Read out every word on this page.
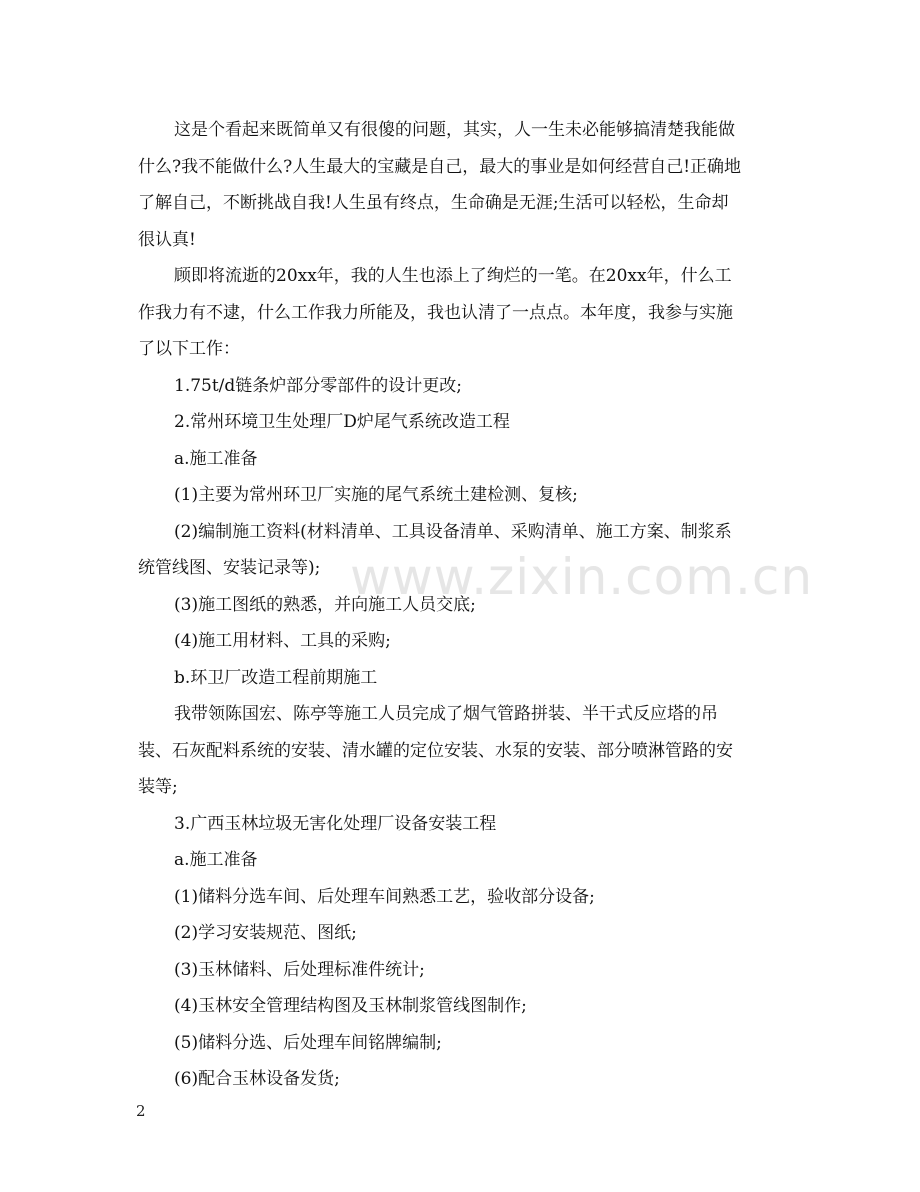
www.zixin.com.cn
这是个看起来既简单又有很傻的问题，其实，人一生未必能够搞清楚我能做
什么?我不能做什么?人生最大的宝藏是自己，最大的事业是如何经营自己!正确地
了解自己，不断挑战自我!人生虽有终点，生命确是无涯;生活可以轻松，生命却
很认真!
顾即将流逝的20xx年，我的人生也添上了绚烂的一笔。在20xx年，什么工
作我力有不逮，什么工作我力所能及，我也认清了一点点。本年度，我参与实施
了以下工作：
1.75t/d链条炉部分零部件的设计更改;
2.常州环境卫生处理厂D炉尾气系统改造工程
a.施工准备
(1)主要为常州环卫厂实施的尾气系统土建检测、复核;
(2)编制施工资料(材料清单、工具设备清单、采购清单、施工方案、制浆系
统管线图、安装记录等);
(3)施工图纸的熟悉，并向施工人员交底;
(4)施工用材料、工具的采购;
b.环卫厂改造工程前期施工
我带领陈国宏、陈亭等施工人员完成了烟气管路拼装、半干式反应塔的吊
装、石灰配料系统的安装、清水罐的定位安装、水泵的安装、部分喷淋管路的安
装等;
3.广西玉林垃圾无害化处理厂设备安装工程
a.施工准备
(1)储料分选车间、后处理车间熟悉工艺，验收部分设备;
(2)学习安装规范、图纸;
(3)玉林储料、后处理标准件统计;
(4)玉林安全管理结构图及玉林制浆管线图制作;
(5)储料分选、后处理车间铭牌编制;
(6)配合玉林设备发货;
2
